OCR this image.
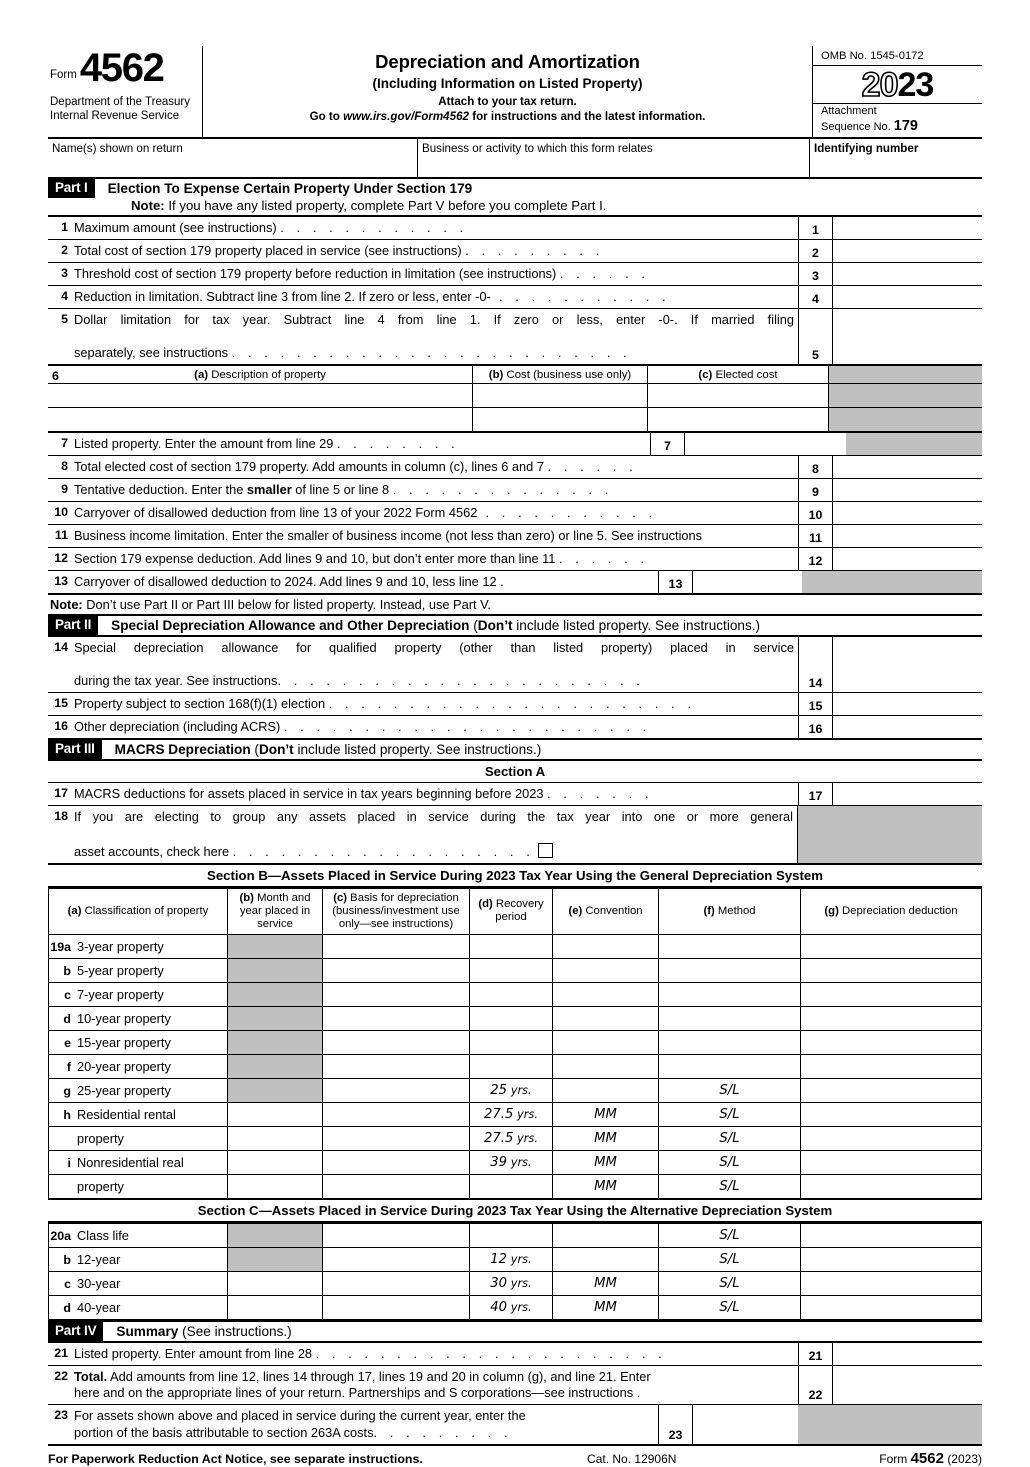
Form 4562
Department of the Treasury
Internal Revenue Service
Depreciation and Amortization
(Including Information on Listed Property)
Attach to your tax return.
Go to www.irs.gov/Form4562 for instructions and the latest information.
OMB No. 1545-0172
2023
Attachment
Sequence No. 179
Name(s) shown on return	Business or activity to which this form relates	Identifying number
Part I	Election To Expense Certain Property Under Section 179
Note: If you have any listed property, complete Part V before you complete Part I.
1 Maximum amount (see instructions) . . . . . . . . . . . .	1
2 Total cost of section 179 property placed in service (see instructions) . . . . . . . . .	2
3 Threshold cost of section 179 property before reduction in limitation (see instructions) . . . . . .	3
4 Reduction in limitation. Subtract line 3 from line 2. If zero or less, enter -0- . . . . . . . . . . .	4
5 Dollar limitation for tax year. Subtract line 4 from line 1. If zero or less, enter -0-. If married filing
separately, see instructions . . . . . . . . . . . . . . . . . . . . . . . . .	5
6	(a) Description of property	(b) Cost (business use only)	(c) Elected cost
7 Listed property. Enter the amount from line 29 . . . . . . . .	7
8 Total elected cost of section 179 property. Add amounts in column (c), lines 6 and 7 . . . . . .	8
9 Tentative deduction. Enter the smaller of line 5 or line 8 . . . . . . . . . . . . . .	9
10 Carryover of disallowed deduction from line 13 of your 2022 Form 4562 . . . . . . . . . . .	10
11 Business income limitation. Enter the smaller of business income (not less than zero) or line 5. See instructions	11
12 Section 179 expense deduction. Add lines 9 and 10, but don’t enter more than line 11 . . . . . .	12
13 Carryover of disallowed deduction to 2024. Add lines 9 and 10, less line 12 .	13
Note: Don’t use Part II or Part III below for listed property. Instead, use Part V.
Part II	Special Depreciation Allowance and Other Depreciation (Don’t include listed property. See instructions.)
14 Special depreciation allowance for qualified property (other than listed property) placed in service
during the tax year. See instructions. . . . . . . . . . . . . . . . . . . . . . .	14
15 Property subject to section 168(f)(1) election . . . . . . . . . . . . . . . . . . . . . . .	15
16 Other depreciation (including ACRS) . . . . . . . . . . . . . . . . . . . . . . .	16
Part III	MACRS Depreciation (Don’t include listed property. See instructions.)
Section A
17 MACRS deductions for assets placed in service in tax years beginning before 2023 . . . . . . .	17
18 If you are electing to group any assets placed in service during the tax year into one or more general
asset accounts, check here . . . . . . . . . . . . . . . . . . .
Section B—Assets Placed in Service During 2023 Tax Year Using the General Depreciation System
(a) Classification of property	(b) Month and year placed in service	(c) Basis for depreciation (business/investment use only—see instructions)	(d) Recovery period	(e) Convention	(f) Method	(g) Depreciation deduction
19a 3-year property						
b 5-year property						
c 7-year property						
d 10-year property						
e 15-year property						
f 20-year property						
g 25-year property			25 yrs.		S/L	
h Residential rental			27.5 yrs.	MM	S/L	
property			27.5 yrs.	MM	S/L	
i Nonresidential real			39 yrs.	MM	S/L	
property				MM	S/L	
Section C—Assets Placed in Service During 2023 Tax Year Using the Alternative Depreciation System
20a Class life					S/L	
b 12-year			12 yrs.		S/L	
c 30-year			30 yrs.	MM	S/L	
d 40-year			40 yrs.	MM	S/L	
Part IV	Summary (See instructions.)
21 Listed property. Enter amount from line 28 . . . . . . . . . . . . . . . . . . . . . .	21
22 Total. Add amounts from line 12, lines 14 through 17, lines 19 and 20 in column (g), and line 21. Enter
here and on the appropriate lines of your return. Partnerships and S corporations—see instructions .	22
23 For assets shown above and placed in service during the current year, enter the
portion of the basis attributable to section 263A costs. . . . . . . . .	23
For Paperwork Reduction Act Notice, see separate instructions.	Cat. No. 12906N	Form 4562 (2023)
